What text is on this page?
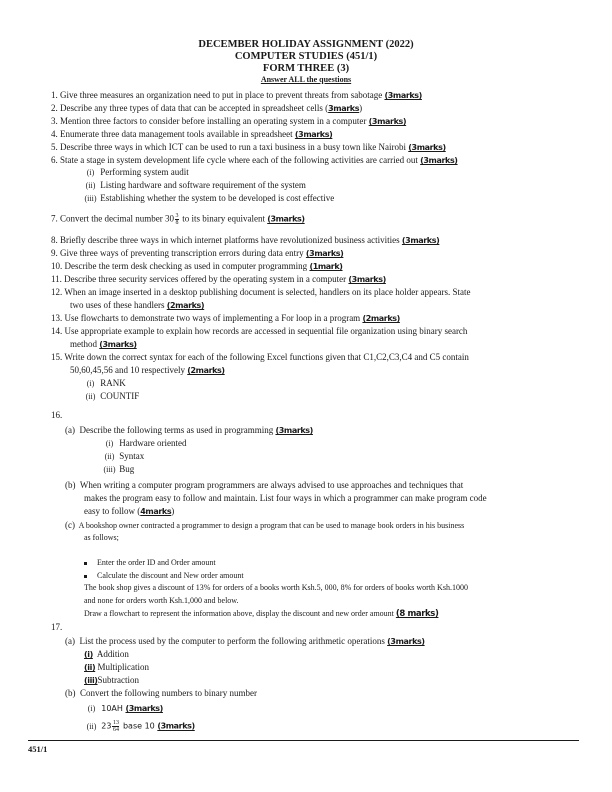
DECEMBER HOLIDAY ASSIGNMENT (2022)
COMPUTER STUDIES (451/1)
FORM THREE (3)
Answer ALL the questions
1. Give three measures an organization need to put in place to prevent threats from sabotage (3marks)
2. Describe any three types of data that can be accepted in spreadsheet cells (3marks)
3. Mention three factors to consider before installing an operating system in a computer (3marks)
4. Enumerate three data management tools available in spreadsheet (3marks)
5. Describe three ways in which ICT can be used to run a taxi business in a busy town like Nairobi (3marks)
6. State a stage in system development life cycle where each of the following activities are carried out (3marks)
(i) Performing system audit
(ii) Listing hardware and software requirement of the system
(iii) Establishing whether the system to be developed is cost effective
7. Convert the decimal number $30 \frac{3}{8}$ to its binary equivalent (3marks)
8. Briefly describe three ways in which internet platforms have revolutionized business activities (3marks)
9. Give three ways of preventing transcription errors during data entry (3marks)
10. Describe the term desk checking as used in computer programming (1mark)
11. Describe three security services offered by the operating system in a computer (3marks)
12. When an image inserted in a desktop publishing document is selected, handlers on its place holder appears. State
two uses of these handlers (2marks)
13. Use flowcharts to demonstrate two ways of implementing a For loop in a program (2marks)
14. Use appropriate example to explain how records are accessed in sequential file organization using binary search
method (3marks)
15. Write down the correct syntax for each of the following Excel functions given that C1,C2,C3,C4 and C5 contain
50,60,45,56 and 10 respectively (2marks)
(i) RANK
(ii) COUNTIF
16.
(a) Describe the following terms as used in programming (3marks)
(i) Hardware oriented
(ii) Syntax
(iii) Bug
(b) When writing a computer program programmers are always advised to use approaches and techniques that
makes the program easy to follow and maintain. List four ways in which a programmer can make program code
easy to follow (4marks)
(c) A bookshop owner contracted a programmer to design a program that can be used to manage book orders in his business
as follows;
Enter the order ID and Order amount
Calculate the discount and New order amount
The book shop gives a discount of 13% for orders of a books worth Ksh.5, 000, 8% for orders of books worth Ksh.1000
and none for orders worth Ksh.1,000 and below.
Draw a flowchart to represent the information above, display the discount and new order amount (8 marks)
17.
(a) List the process used by the computer to perform the following arithmetic operations (3marks)
(i) Addition
(ii) Multiplication
(iii)Subtraction
(b) Convert the following numbers to binary number
(i) 10AH (3marks)
(ii) $23 \frac{13}{64}$ base 10 (3marks)
451/1
